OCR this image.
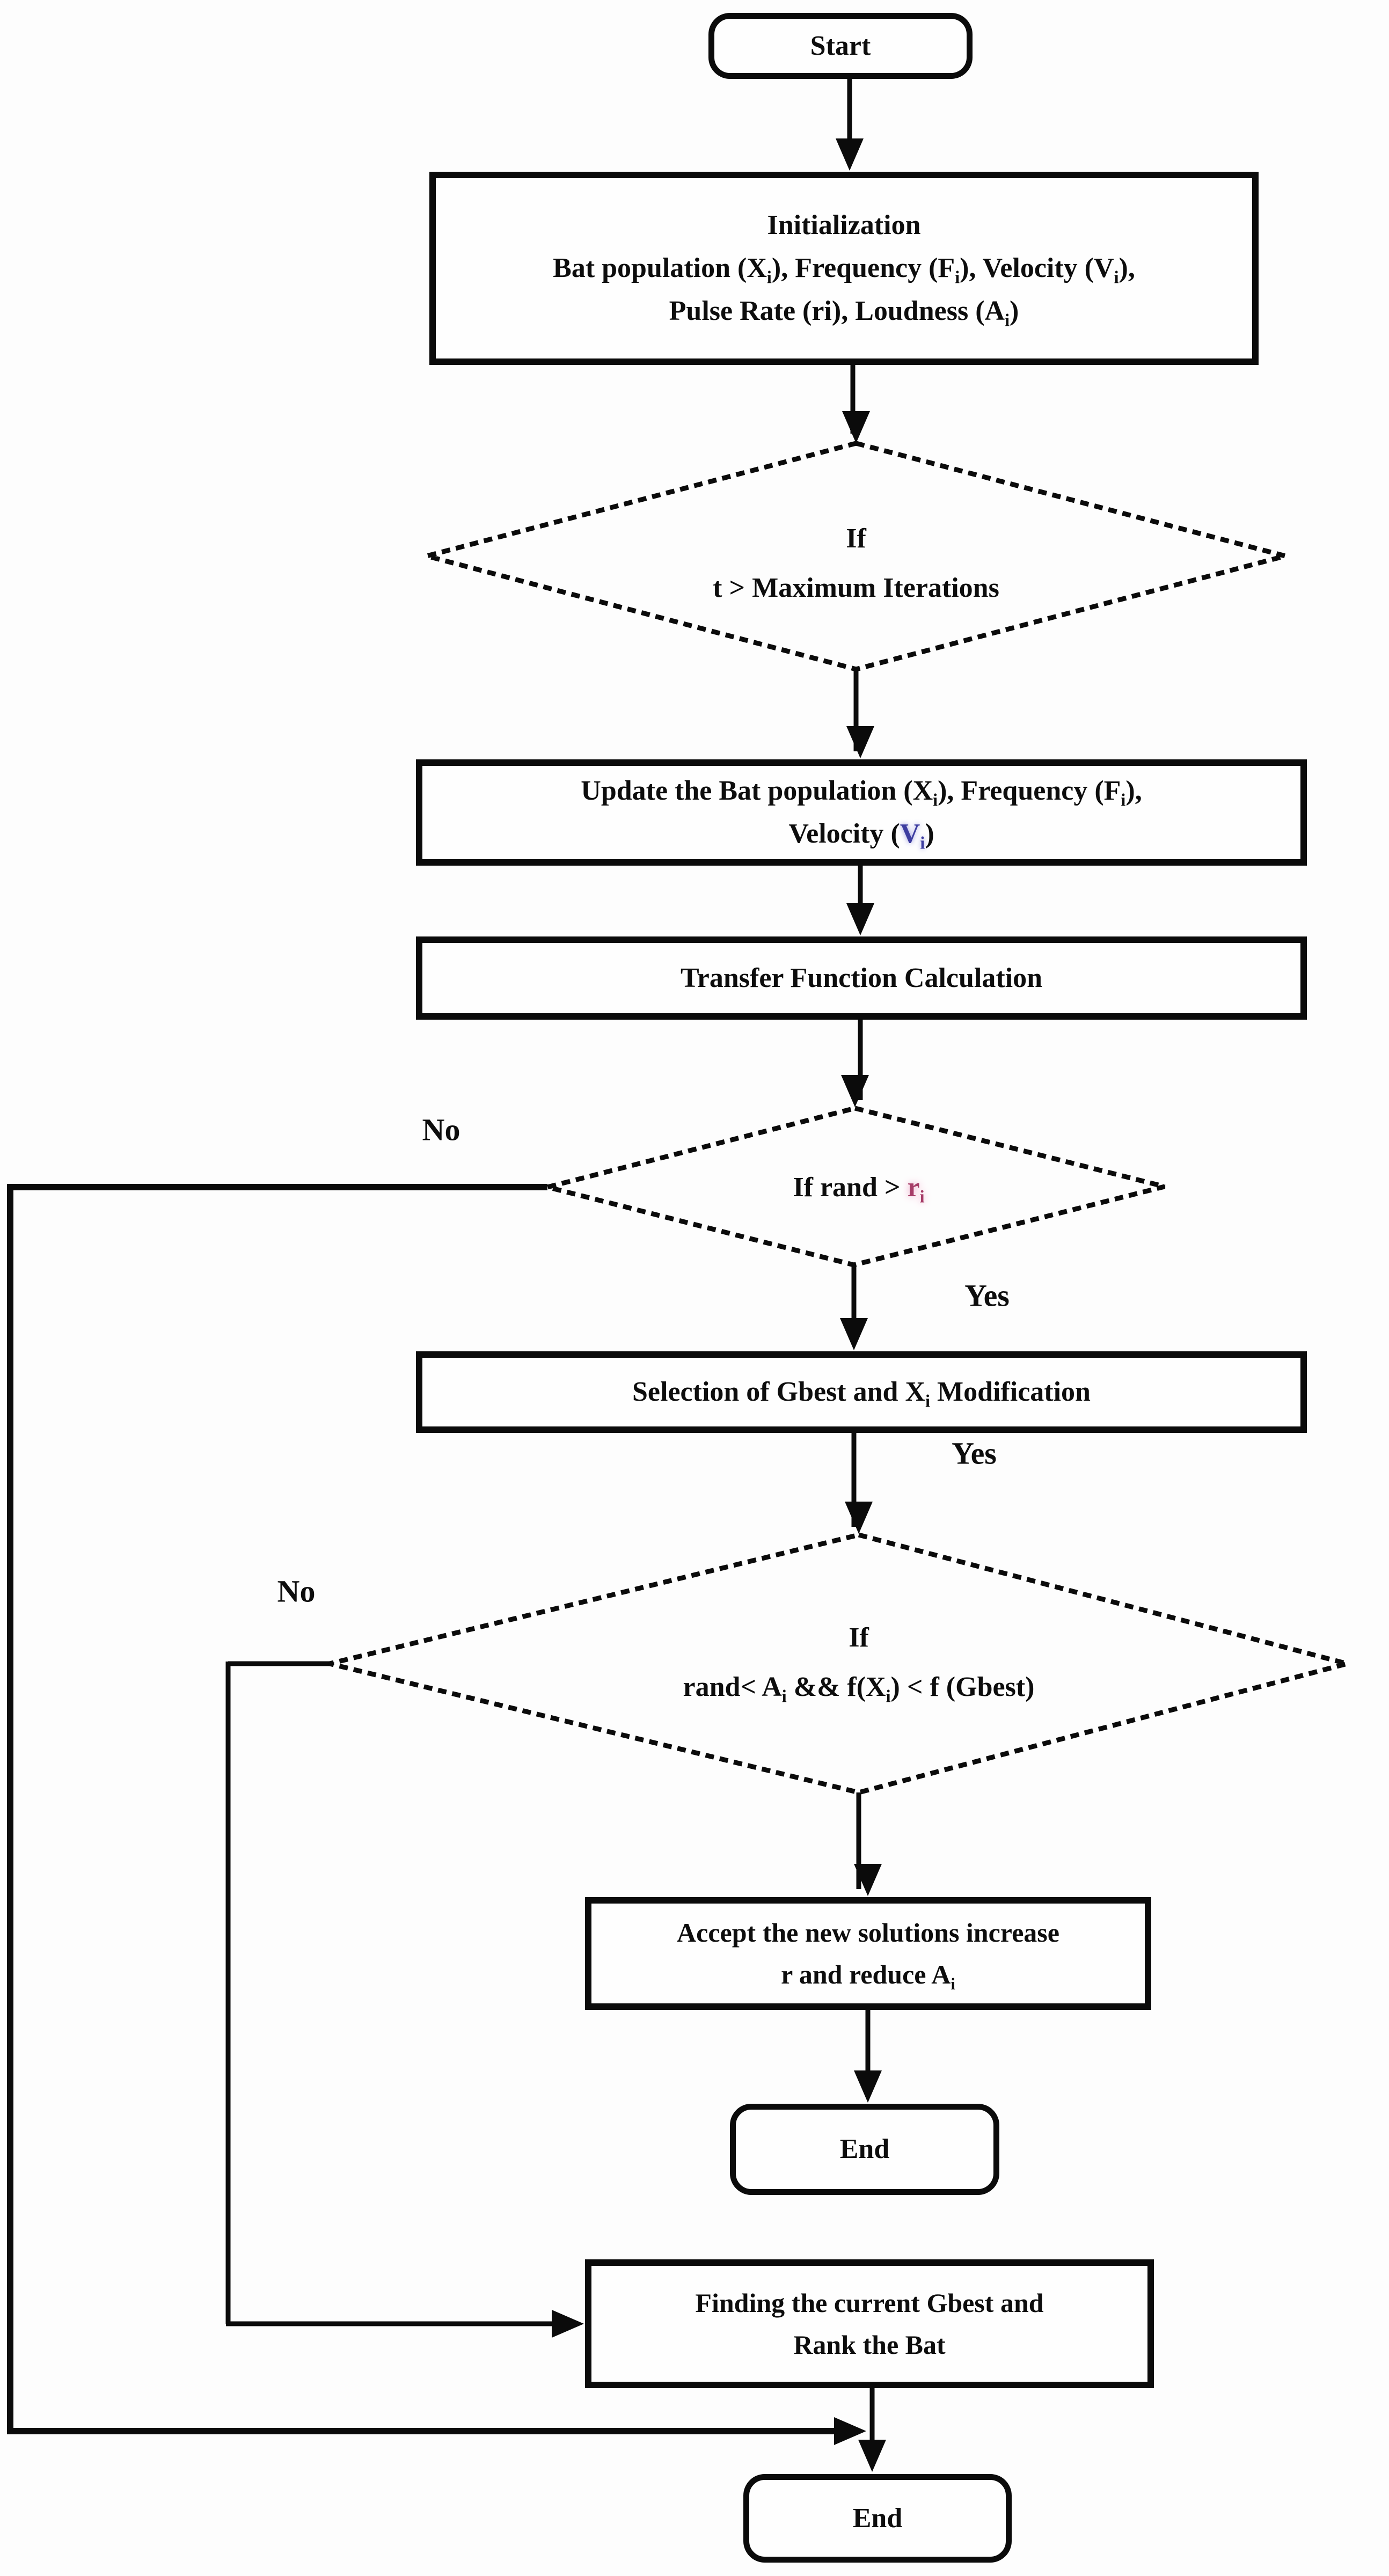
Start
Initialization
Bat population $(X_i)$, Frequency $(F_i)$, Velocity $(V_i)$,
Pulse Rate (ri), Loudness $(A_i)$
If
t > Maximum Iterations
Update the Bat population $(X_i)$, Frequency $(F_i)$,
Velocity $(V_i)$
Transfer Function Calculation
If rand > $r_i$
Selection of Gbest and $X_i$ Modification
If
rand< $A_i$ && $f(X_i) < f$ (Gbest)
Accept the new solutions increase
r and reduce $A_i$
End
Finding the current Gbest and
Rank the Bat
End
No
Yes
Yes
No
